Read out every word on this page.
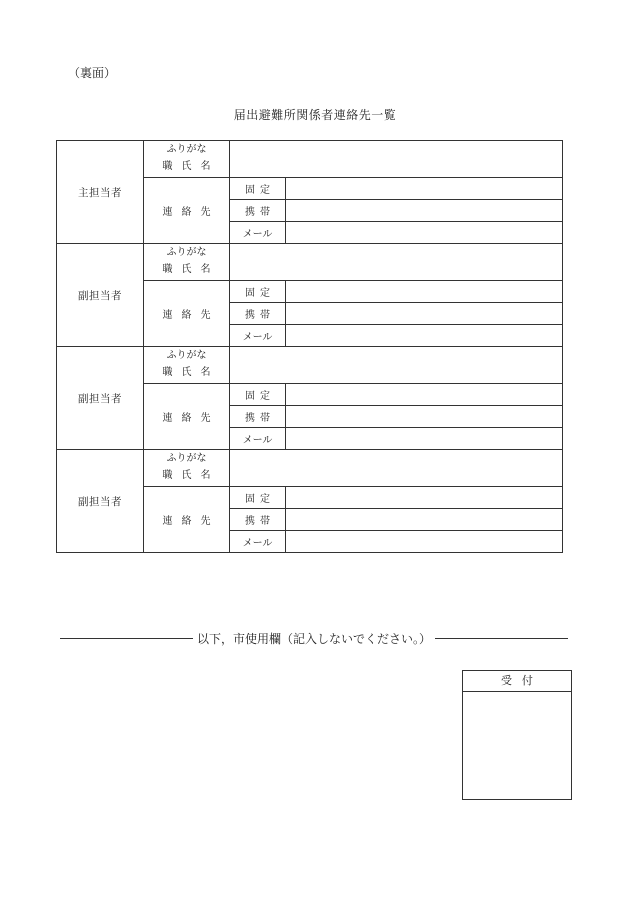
（裏面）
届出避難所関係者連絡先一覧
主担当者	ふりがな		
	職氏名		
	連絡先	固定	
		携帯	
		メール	
副担当者	ふりがな		
	職氏名		
	連絡先	固定	
		携帯	
		メール	
副担当者	ふりがな		
	職氏名		
	連絡先	固定	
		携帯	
		メール	
副担当者	ふりがな		
	職氏名		
	連絡先	固定	
		携帯	
		メール	
以下，市使用欄（記入しないでください。）
受付
